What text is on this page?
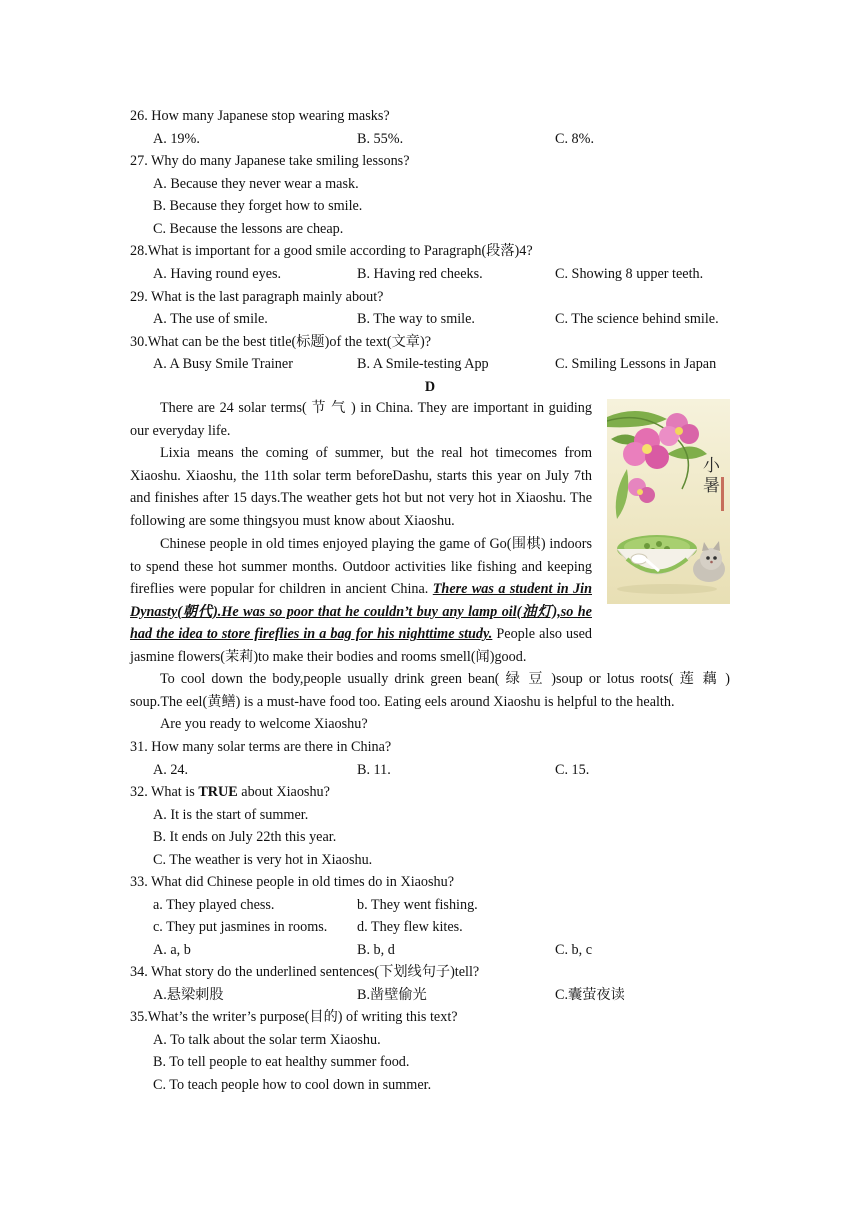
26. How many Japanese stop wearing masks?
A. 19%.	B. 55%.	C. 8%.
27. Why do many Japanese take smiling lessons?
A. Because they never wear a mask.
B. Because they forget how to smile.
C. Because the lessons are cheap.
28.What is important for a good smile according to Paragraph(段落)4?
A. Having round eyes.	B. Having red cheeks.	C. Showing 8 upper teeth.
29. What is the last paragraph mainly about?
A. The use of smile.	B. The way to smile.	C. The science behind smile.
30.What can be the best title(标题)of the text(文章)?
A. A Busy Smile Trainer	B. A Smile-testing App	C. Smiling Lessons in Japan
D
There are 24 solar terms( 节 气 ) in China. They are important in guiding our everyday life.
Lixia means the coming of summer, but the real hot timecomes from Xiaoshu. Xiaoshu, the 11th solar term beforeDashu, starts this year on July 7th and finishes after 15 days.The weather gets hot but not very hot in Xiaoshu. The following are some thingsyou must know about Xiaoshu.
Chinese people in old times enjoyed playing the game of Go(围棋) indoors to spend these hot summer months. Outdoor activities like fishing and keeping fireflies were popular for children in ancient China. There was a student in Jin Dynasty(朝代).He was so poor that he couldn’t buy any lamp oil(油灯),so he had the idea to store fireflies in a bag for his nighttime study. People also used jasmine flowers(茉莉)to make their bodies and rooms smell(闻)good.
To cool down the body,people usually drink green bean( 绿 豆 )soup or lotus roots( 莲 藕 ) soup.The eel(黄鳝) is a must-have food too. Eating eels around Xiaoshu is helpful to the health.
Are you ready to welcome Xiaoshu?
小
暑
31. How many solar terms are there in China?
A. 24.	B. 11.	C. 15.
32. What is TRUE about Xiaoshu?
A. It is the start of summer.
B. It ends on July 22th this year.
C. The weather is very hot in Xiaoshu.
33. What did Chinese people in old times do in Xiaoshu?
a. They played chess.	b. They went fishing.
c. They put jasmines in rooms. d. They flew kites.
A. a, b	B. b, d	C. b, c
34. What story do the underlined sentences(下划线句子)tell?
A.悬梁刺股	B.凿壁偷光	C.囊萤夜读
35.What’s the writer’s purpose(目的) of writing this text?
A. To talk about the solar term Xiaoshu.
B. To tell people to eat healthy summer food.
C. To teach people how to cool down in summer.
